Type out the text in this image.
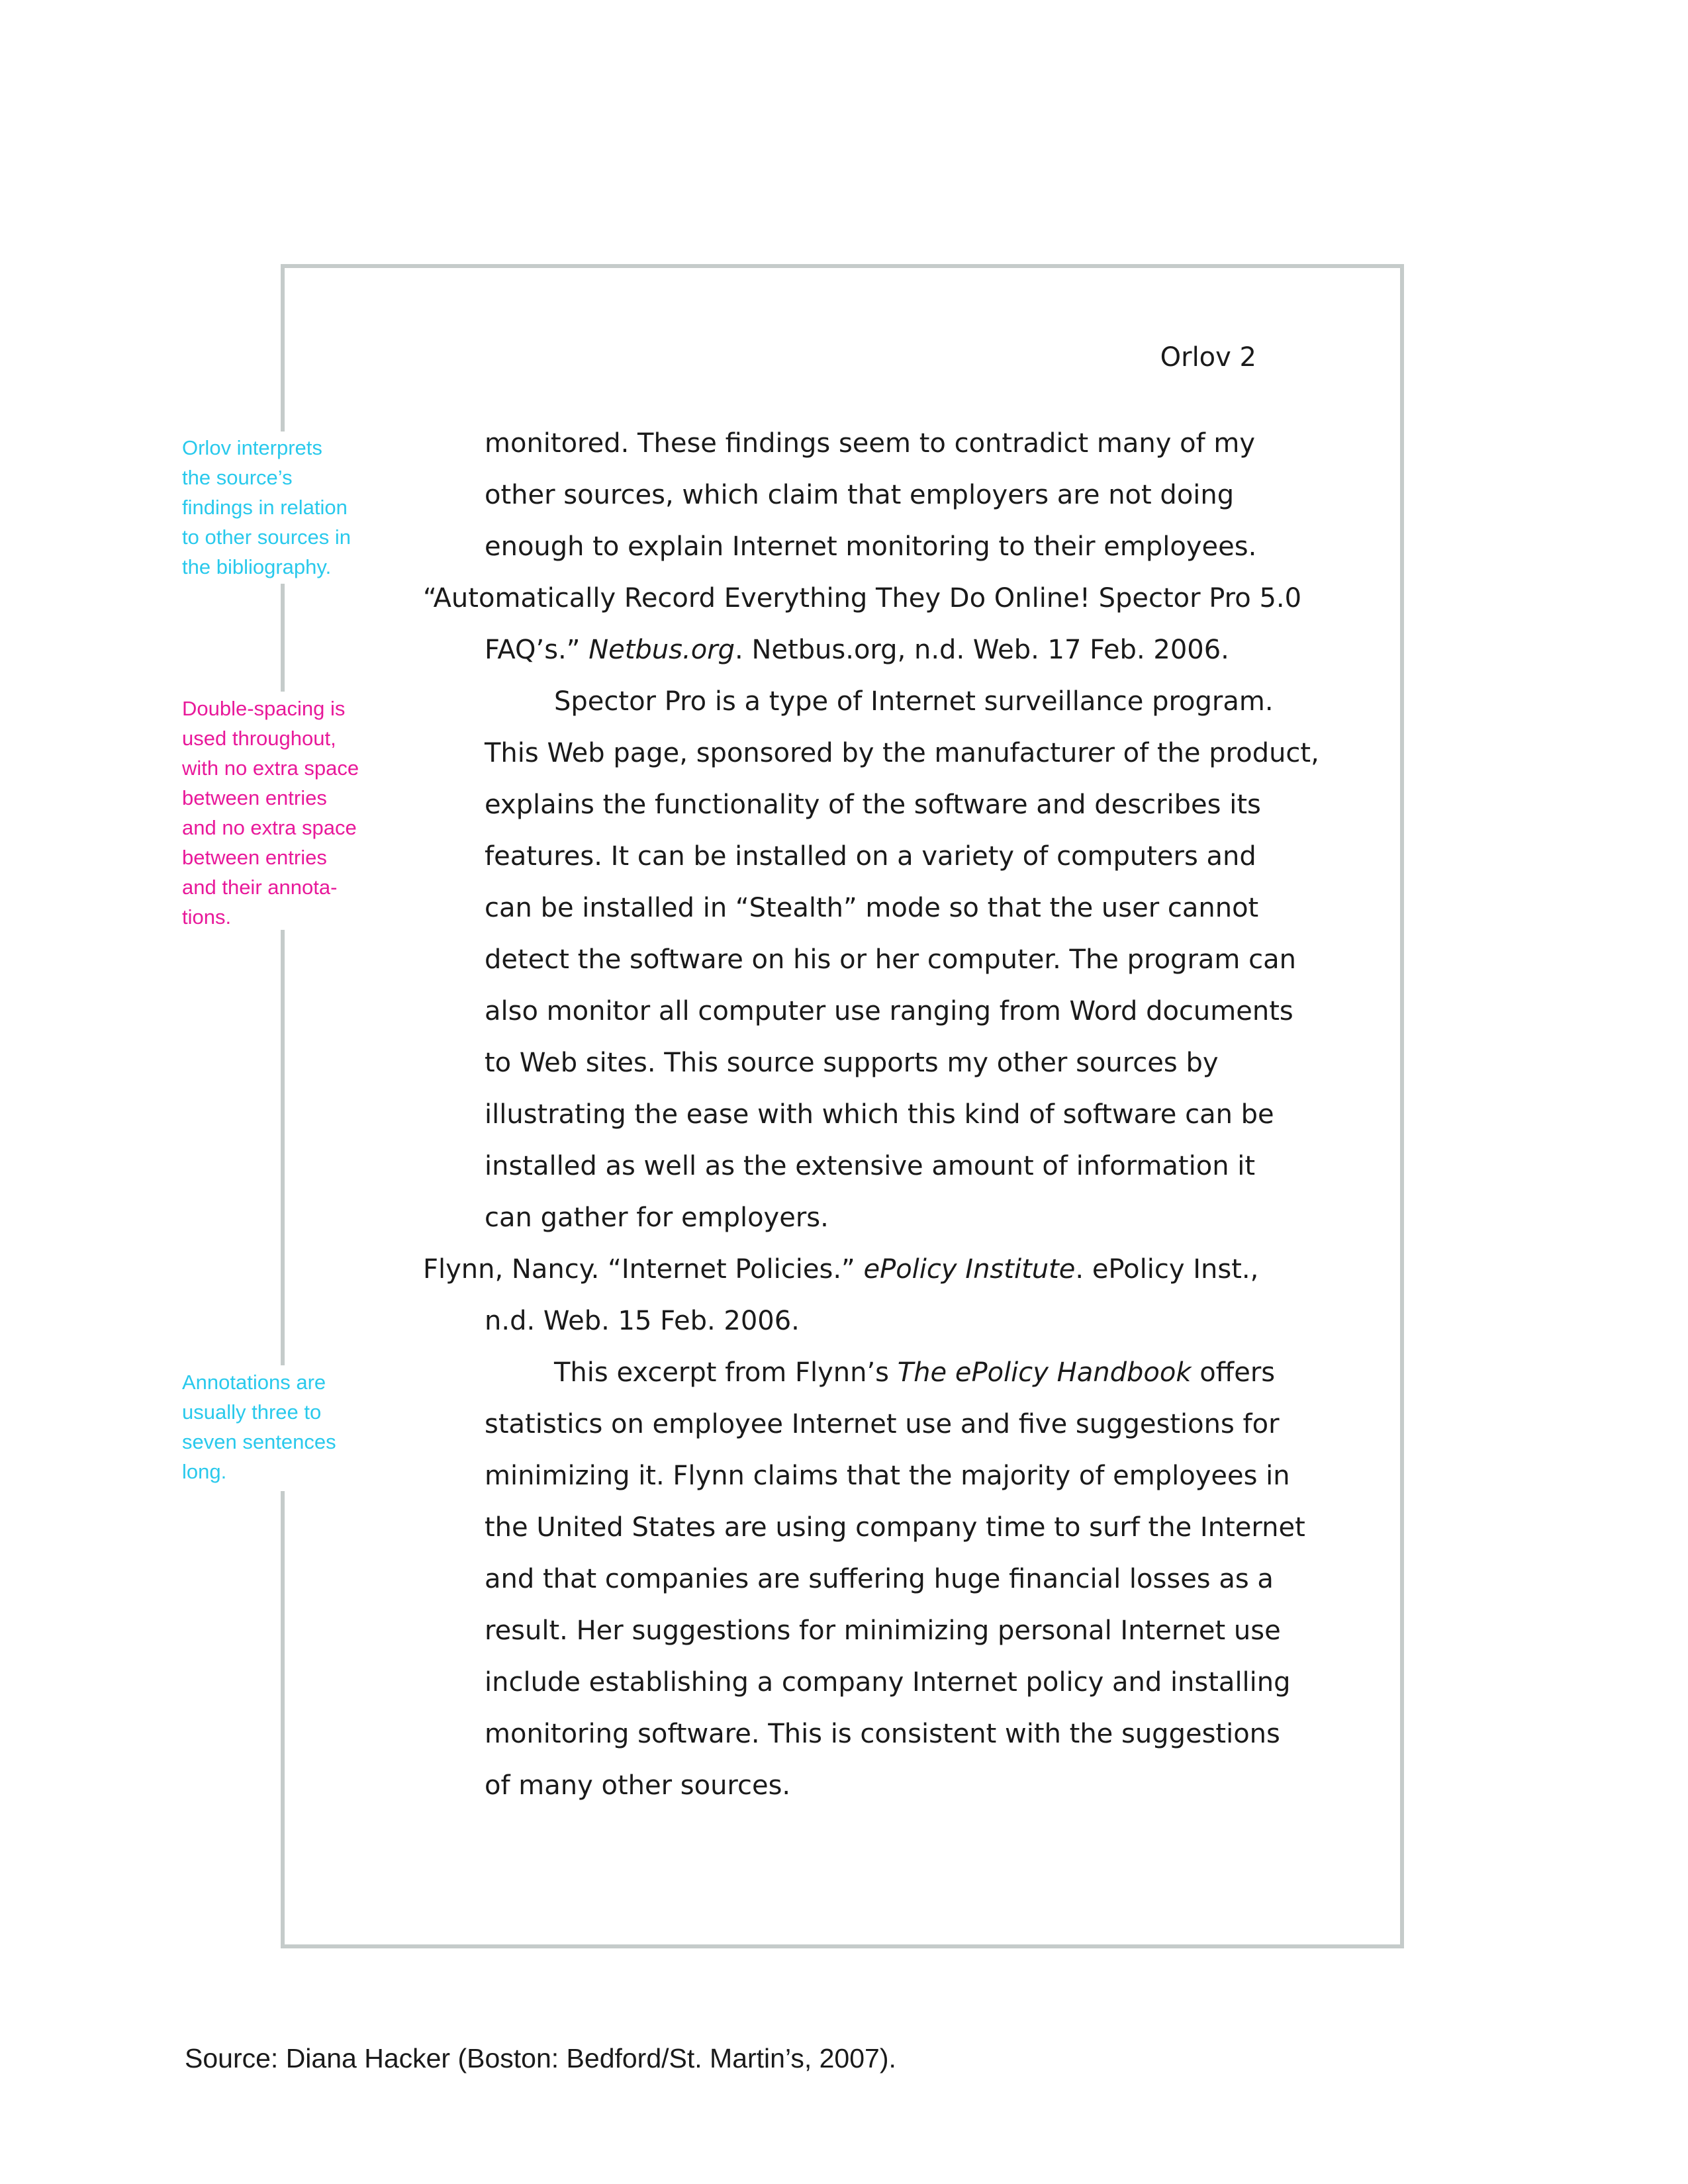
Orlov interprets
the source’s
findings in relation
to other sources in
the bibliography.
Double-spacing is
used throughout,
with no extra space
between entries
and no extra space
between entries
and their annota-
tions.
Annotations are
usually three to
seven sentences
long.

Orlov 2

monitored. These findings seem to contradict many of my

other sources, which claim that employers are not doing

enough to explain Internet monitoring to their employees.

“Automatically Record Everything They Do Online! Spector Pro 5.0

FAQ’s.” Netbus.org. Netbus.org, n.d. Web. 17 Feb. 2006.

Spector Pro is a type of Internet surveillance program.

This Web page, sponsored by the manufacturer of the product,

explains the functionality of the software and describes its

features. It can be installed on a variety of computers and

can be installed in “Stealth” mode so that the user cannot

detect the software on his or her computer. The program can

also monitor all computer use ranging from Word documents

to Web sites. This source supports my other sources by

illustrating the ease with which this kind of software can be

installed as well as the extensive amount of information it

can gather for employers.

Flynn, Nancy. “Internet Policies.” ePolicy Institute. ePolicy Inst.,

n.d. Web. 15 Feb. 2006.

This excerpt from Flynn’s The ePolicy Handbook offers

statistics on employee Internet use and five suggestions for

minimizing it. Flynn claims that the majority of employees in

the United States are using company time to surf the Internet

and that companies are suffering huge financial losses as a

result. Her suggestions for minimizing personal Internet use

include establishing a company Internet policy and installing

monitoring software. This is consistent with the suggestions

of many other sources.

Source: Diana Hacker (Boston: Bedford/St. Martin’s, 2007).
